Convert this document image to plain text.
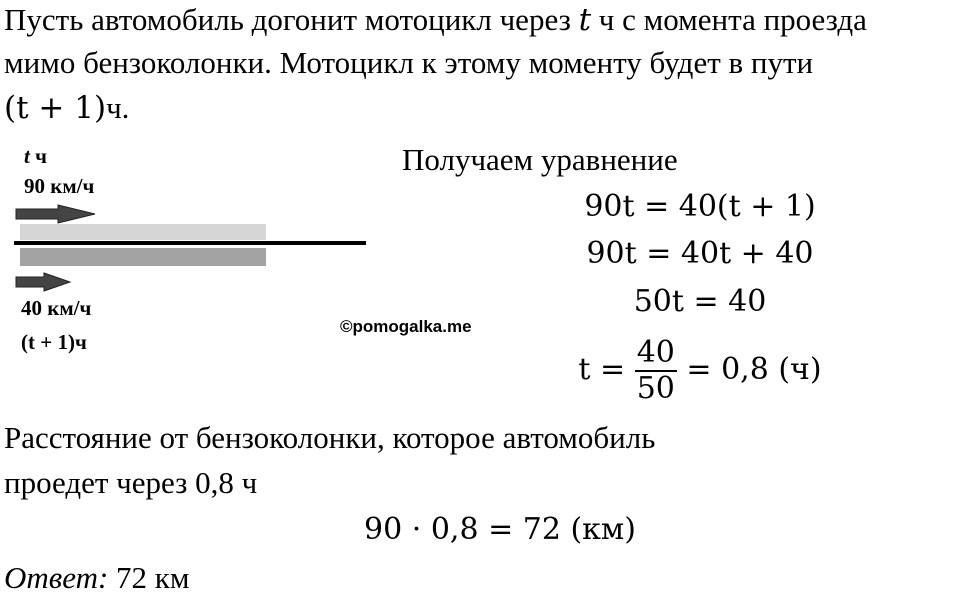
Пусть автомобиль догонит мотоцикл через t ч с момента проезда
мимо бензоколонки. Мотоцикл к этому моменту будет в пути
(t + 1)ч.
t ч
90 км/ч
40 км/ч
(t + 1)ч
©pomogalka.me
Получаем уравнение
90t = 40(t + 1)
90t = 40t + 40
50t = 40
$t = \frac{40}{50} = 0,8$ (ч)
Расстояние от бензоколонки, которое автомобиль
проедет через 0,8 ч
90 · 0,8 = 72 (км)
Ответ: 72 км
